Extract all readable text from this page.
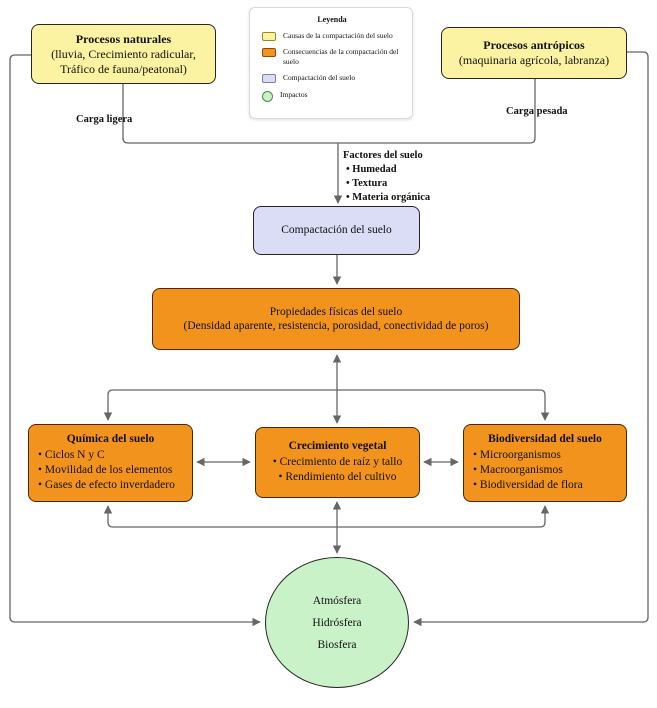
Procesos naturales
(lluvia, Crecimiento radicular,
Tráfico de fauna/peatonal)
Procesos antrópicos
(maquinaria agrícola, labranza)
Leyenda
Causas de la compactación del suelo
Consecuencias de la compactación del suelo
Compactación del suelo
Impactos
Carga ligera
Carga pesada
Factores del suelo
• Humedad
• Textura
• Materia orgánica
Compactación del suelo
Propiedades físicas del suelo
(Densidad aparente, resistencia, porosidad, conectividad de poros)
Química del suelo
• Ciclos N y C
• Movilidad de los elementos
• Gases de efecto inverdadero
Crecimiento vegetal
• Crecimiento de raíz y tallo
• Rendimiento del cultivo
Biodiversidad del suelo
• Microorganismos
• Macroorganismos
• Biodiversidad de flora
Atmósfera
Hidrósfera
Biosfera
